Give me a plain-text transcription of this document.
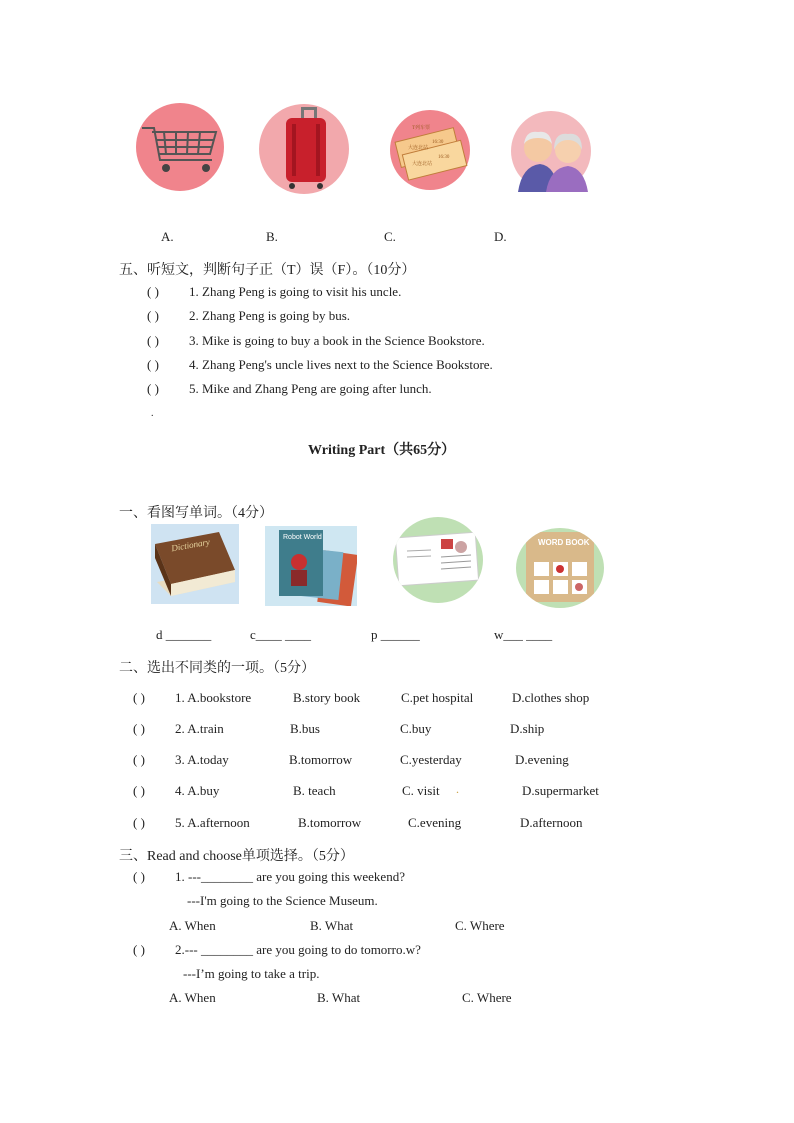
T列车票
大连北站
16:30
大连北站
16:30
A.	B.	C.	D.
五、听短文，判断句子正（T）误（F）。（10分）
( ) 1. Zhang Peng is going to visit his uncle.
( ) 2. Zhang Peng is going by bus.
( ) 3. Mike is going to buy a book in the Science Bookstore.
( ) 4. Zhang Peng's uncle lives next to the Science Bookstore.
( ) 5. Mike and Zhang Peng are going after lunch.
.
Writing Part（共65分）
一、看图写单词。（4分）
Dictionary	Robot World
WORD BOOK
d _______	c____ ____	p ______	w___ ____
二、选出不同类的一项。（5分）
( ) 1. A.bookstore	B.story book	C.pet hospital	D.clothes shop
( ) 2. A.train	B.bus	C.buy	D.ship
( ) 3. A.today	B.tomorrow	C.yesterday	D.evening
( ) 4. A.buy	B. teach	C. visit .	D.supermarket
( ) 5. A.afternoon	B.tomorrow	C.evening	D.afternoon
三、Read and choose单项选择。（5分）
( ) 1. ---________ are you going this weekend?
---I'm going to the Science Museum.
A. When	B. What	C. Where
( ) 2.--- ________ are you going to do tomorro.w?
---I’m going to take a trip.
A. When	B. What	C. Where
